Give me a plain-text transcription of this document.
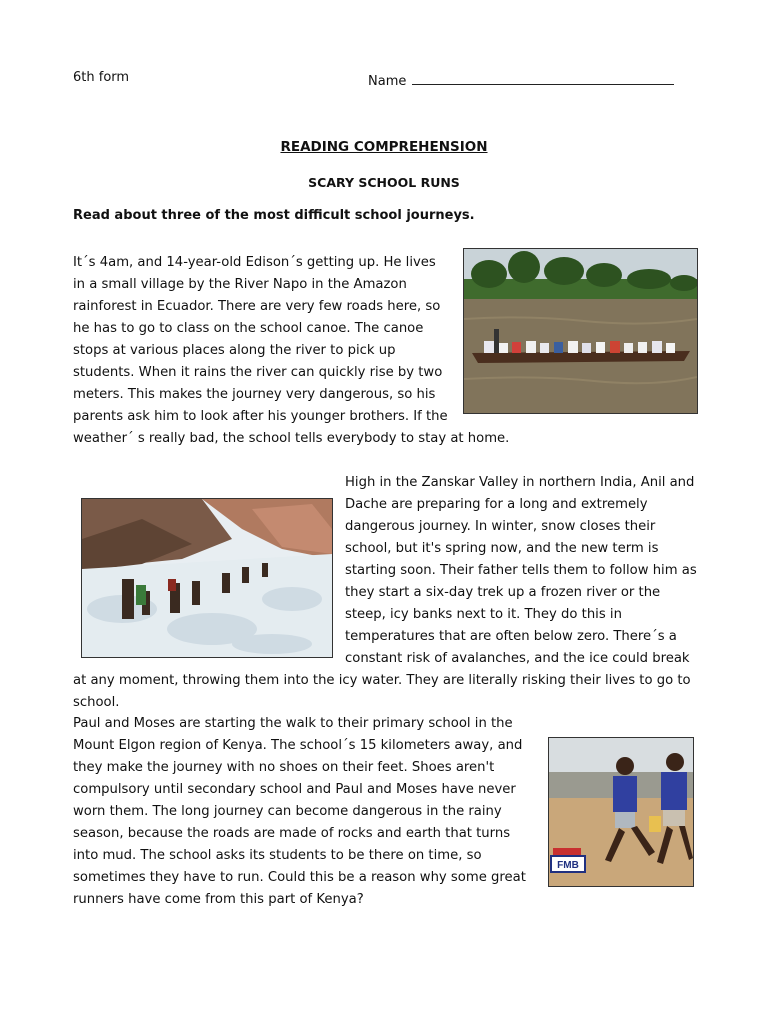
6th form	Name
READING COMPREHENSION
SCARY SCHOOL RUNS
Read about three of the most difficult school journeys.
It´s 4am, and 14-year-old Edison´s getting up. He lives in a small village by the River Napo in the Amazon rainforest in Ecuador. There are very few roads here, so he has to go to class on the school canoe. The canoe stops at various places along the river to pick up students. When it rains the river can quickly rise by two meters. This makes the journey very dangerous, so his parents ask him to look after his younger brothers. If the weather´ s really bad, the school tells everybody to stay at home.
High in the Zanskar Valley in northern India, Anil and Dache are preparing for a long and extremely dangerous journey. In winter, snow closes their school, but it's spring now, and the new term is starting soon. Their father tells them to follow him as they start a six-day trek up a frozen river or the steep, icy banks next to it. They do this in temperatures that are often below zero. There´s a constant risk of avalanches, and the ice could break at any moment, throwing them into the icy water. They are literally risking their lives to go to school.
FMB
Paul and Moses are starting the walk to their primary school in the Mount Elgon region of Kenya. The school´s 15 kilometers away, and they make the journey with no shoes on their feet. Shoes aren't compulsory until secondary school and Paul and Moses have never worn them. The long journey can become dangerous in the rainy season, because the roads are made of rocks and earth that turns into mud. The school asks its students to be there on time, so sometimes they have to run. Could this be a reason why some great runners have come from this part of Kenya?
